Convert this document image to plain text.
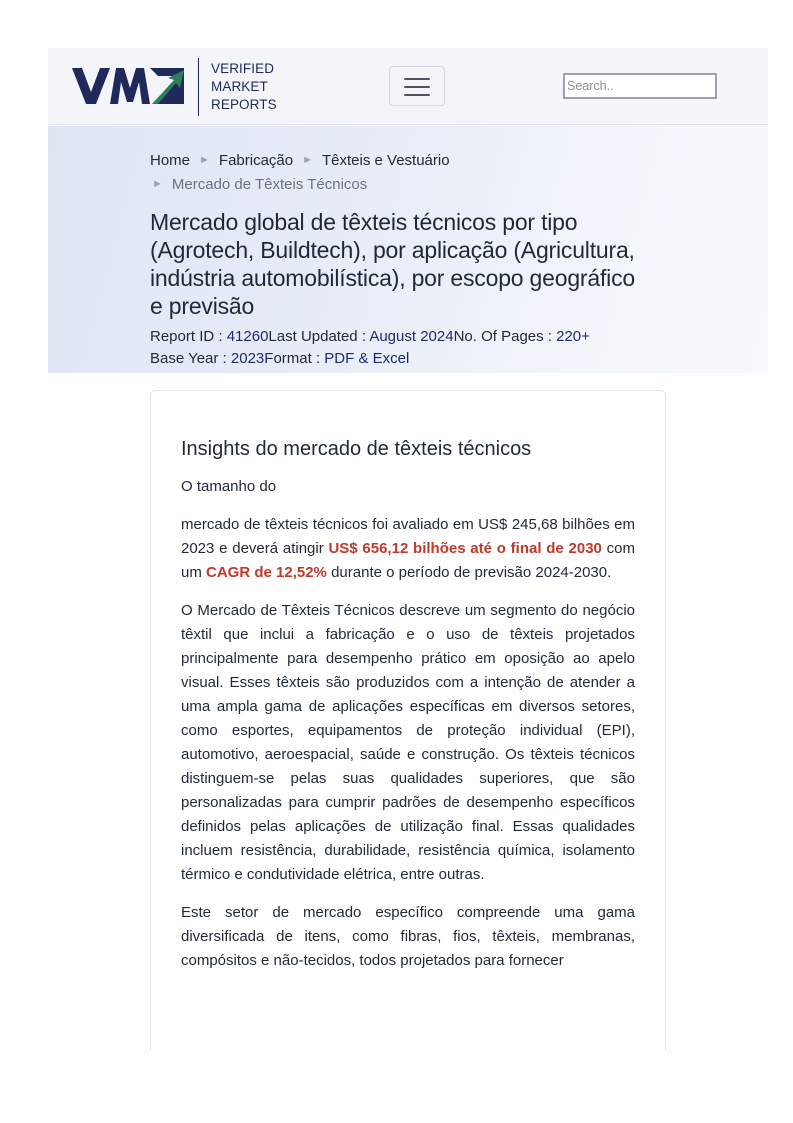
VERIFIED
MARKET
REPORTS
Search..
Home ► Fabricação ► Têxteis e Vestuário
► Mercado de Têxteis Técnicos
Mercado global de têxteis técnicos por tipo (Agrotech, Buildtech), por aplicação (Agricultura, indústria automobilística), por escopo geográfico e previsão
Report ID : 41260Last Updated : August 2024No. Of Pages : 220+
Base Year : 2023Format : PDF & Excel
Insights do mercado de têxteis técnicos

O tamanho do

mercado de têxteis técnicos foi avaliado em US$ 245,68 bilhões em 2023 e deverá atingir US$ 656,12 bilhões até o final de 2030 com um CAGR de 12,52% durante o período de previsão 2024-2030.

O Mercado de Têxteis Técnicos descreve um segmento do negócio têxtil que inclui a fabricação e o uso de têxteis projetados principalmente para desempenho prático em oposição ao apelo visual. Esses têxteis são produzidos com a intenção de atender a uma ampla gama de aplicações específicas em diversos setores, como esportes, equipamentos de proteção individual (EPI), automotivo, aeroespacial, saúde e construção. Os têxteis técnicos distinguem-se pelas suas qualidades superiores, que são personalizadas para cumprir padrões de desempenho específicos definidos pelas aplicações de utilização final. Essas qualidades incluem resistência, durabilidade, resistência química, isolamento térmico e condutividade elétrica, entre outras.

Este setor de mercado específico compreende uma gama diversificada de itens, como fibras, fios, têxteis, membranas, compósitos e não-tecidos, todos projetados para fornecer
